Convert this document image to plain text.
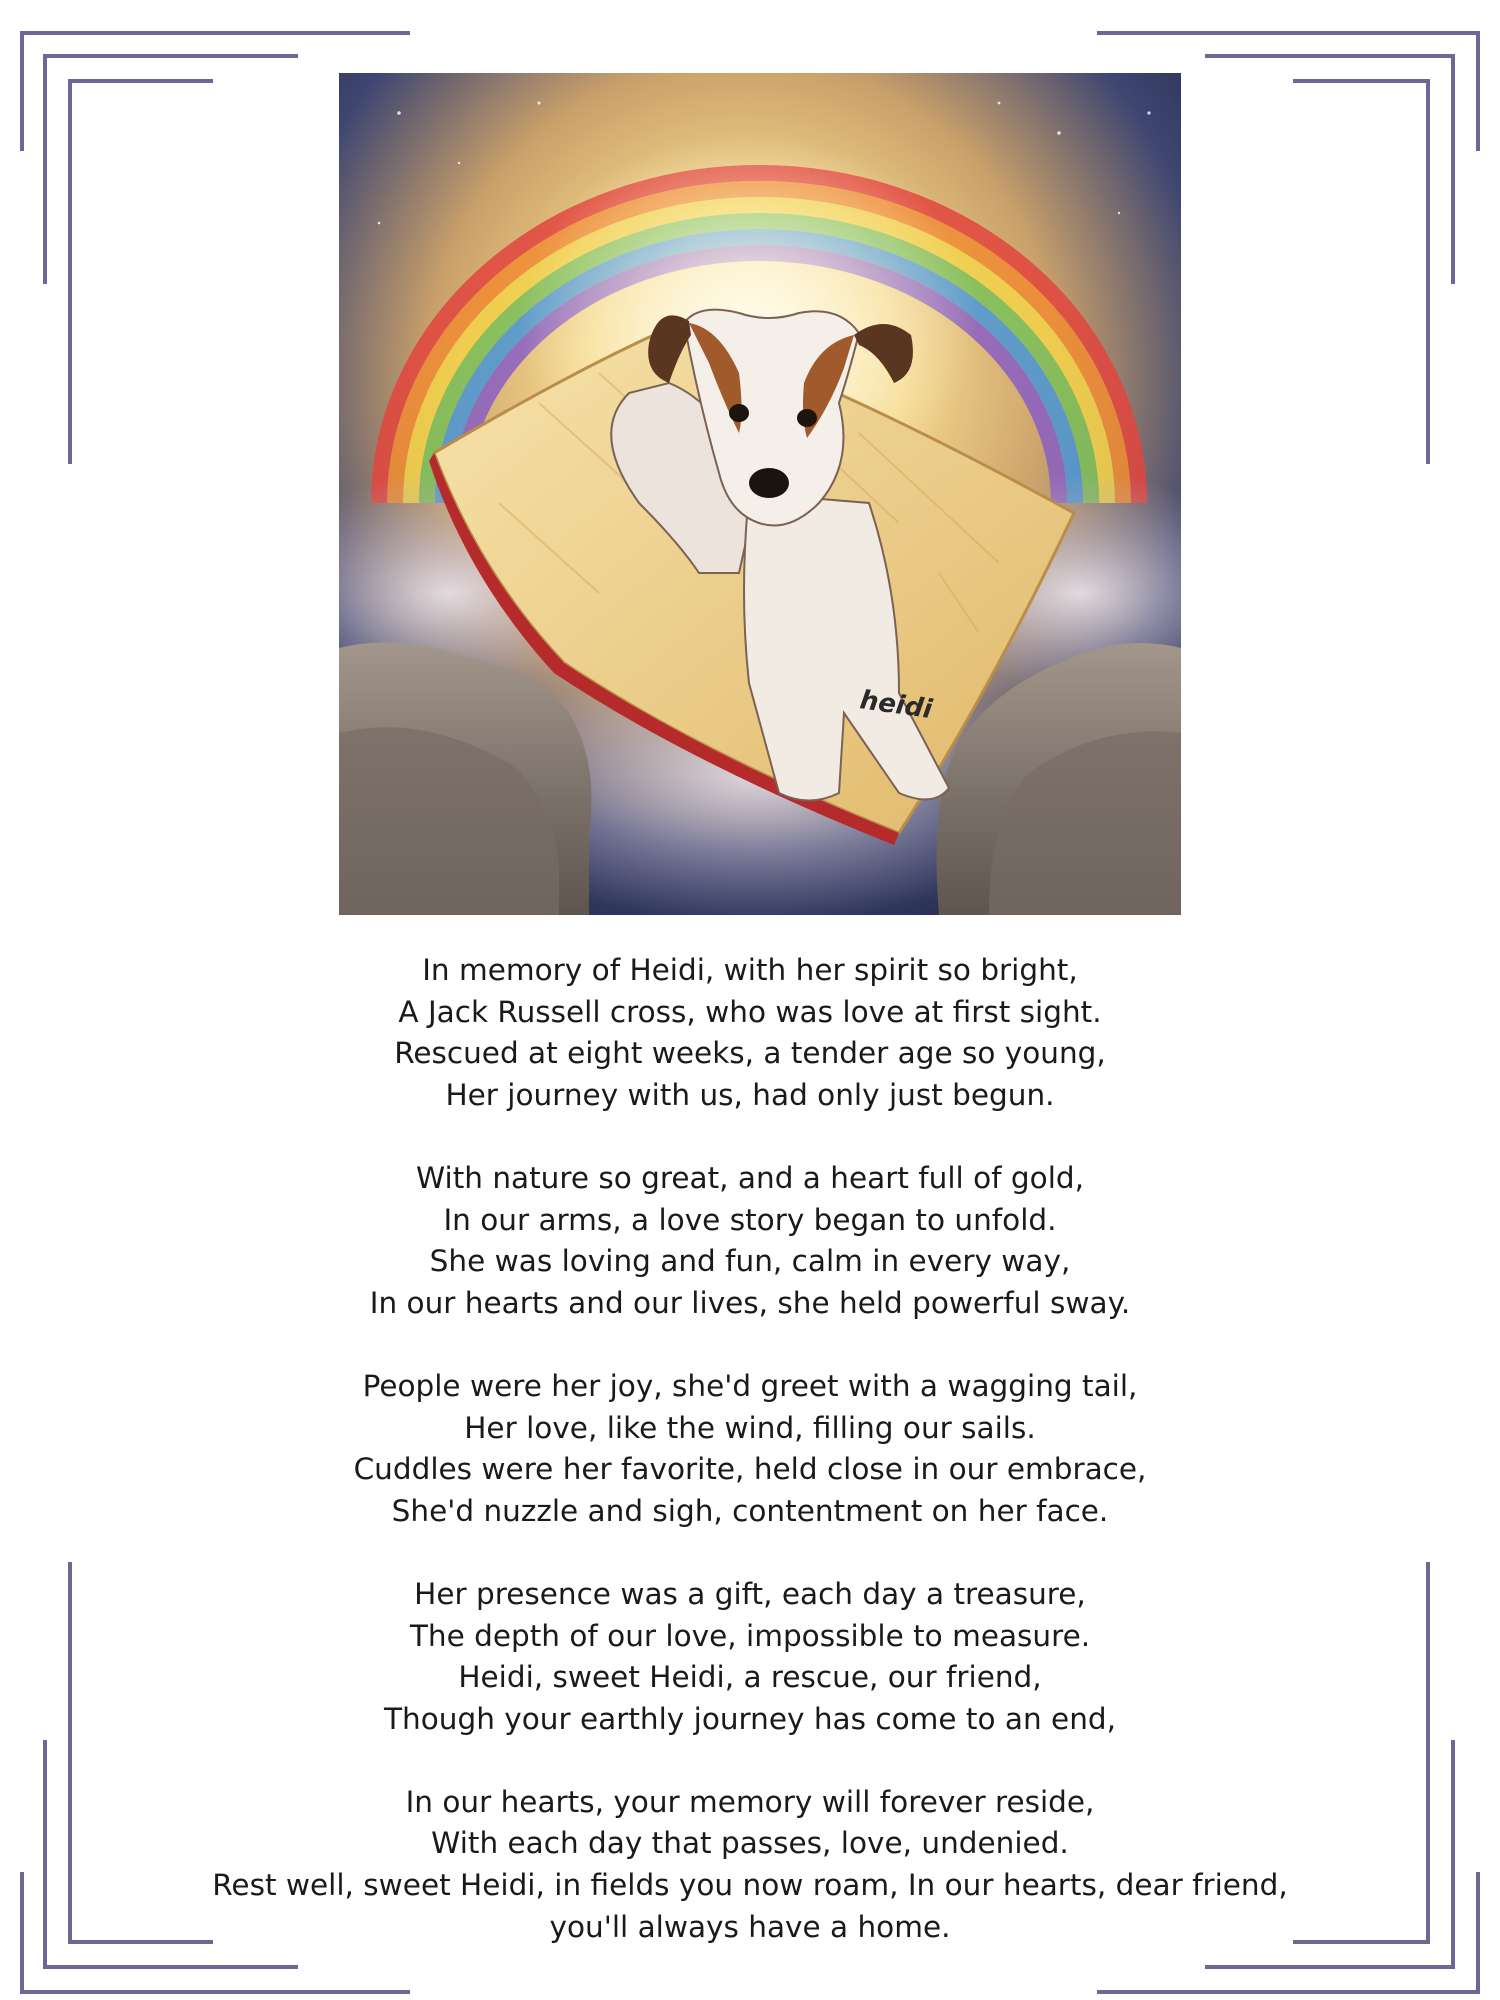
heidi
In memory of Heidi, with her spirit so bright,
A Jack Russell cross, who was love at first sight.
Rescued at eight weeks, a tender age so young,
Her journey with us, had only just begun.
With nature so great, and a heart full of gold,
In our arms, a love story began to unfold.
She was loving and fun, calm in every way,
In our hearts and our lives, she held powerful sway.
People were her joy, she'd greet with a wagging tail,
Her love, like the wind, filling our sails.
Cuddles were her favorite, held close in our embrace,
She'd nuzzle and sigh, contentment on her face.
Her presence was a gift, each day a treasure,
The depth of our love, impossible to measure.
Heidi, sweet Heidi, a rescue, our friend,
Though your earthly journey has come to an end,
In our hearts, your memory will forever reside,
With each day that passes, love, undenied.
Rest well, sweet Heidi, in fields you now roam, In our hearts, dear friend,
you'll always have a home.
